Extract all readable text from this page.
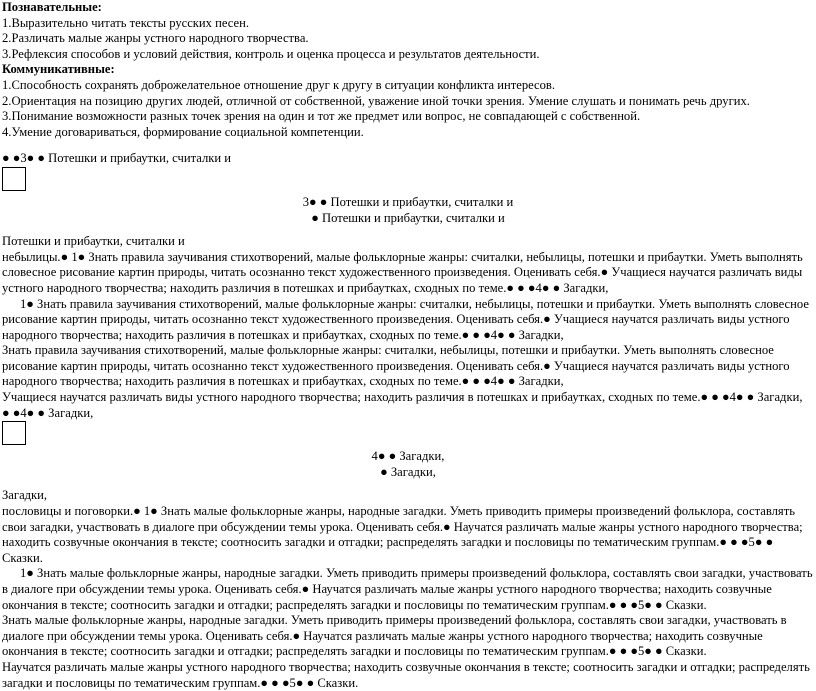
Познавательные:

1.Выразительно читать тексты русских песен.

2.Различать малые жанры устного народного творчества.

3.Рефлексия способов и условий действия, контроль и оценка процесса и результатов деятельности.

Коммуникативные:

1.Способность сохранять доброжелательное отношение друг к другу в ситуации конфликта интересов.

2.Ориентация на позицию других людей, отличной от собственной, уважение иной точки зрения. Умение слушать и понимать речь других.

3.Понимание возможности разных точек зрения на один и тот же предмет или вопрос, не совпадающей с собственной.

4.Умение договариваться, формирование социальной компетенции.

● ●3● ● Потешки и прибаутки, считалки и

3● ● Потешки и прибаутки, считалки и

● Потешки и прибаутки, считалки и

Потешки и прибаутки, считалки и

небылицы.● 1● Знать правила заучивания стихотворений, малые фольклорные жанры: считалки, небылицы, потешки и прибаутки. Уметь выполнять словесное рисование картин природы, читать осознанно текст художественного произведения. Оценивать себя.● Учащиеся научатся различать виды устного народного творчества; находить различия в потешках и прибаутках, сходных по теме.● ● ●4● ● Загадки,

1● Знать правила заучивания стихотворений, малые фольклорные жанры: считалки, небылицы, потешки и прибаутки. Уметь выполнять словесное рисование картин природы, читать осознанно текст художественного произведения. Оценивать себя.● Учащиеся научатся различать виды устного народного творчества; находить различия в потешках и прибаутках, сходных по теме.● ● ●4● ● Загадки,

Знать правила заучивания стихотворений, малые фольклорные жанры: считалки, небылицы, потешки и прибаутки. Уметь выполнять словесное рисование картин природы, читать осознанно текст художественного произведения. Оценивать себя.● Учащиеся научатся различать виды устного народного творчества; находить различия в потешках и прибаутках, сходных по теме.● ● ●4● ● Загадки,

Учащиеся научатся различать виды устного народного творчества; находить различия в потешках и прибаутках, сходных по теме.● ● ●4● ● Загадки,

● ●4● ● Загадки,

4● ● Загадки,

● Загадки,

Загадки,

пословицы и поговорки.● 1● Знать малые фольклорные жанры, народные загадки. Уметь приводить примеры произведений фольклора, составлять свои загадки, участвовать в диалоге при обсуждении темы урока. Оценивать себя.● Научатся различать малые жанры устного народного творчества; находить созвучные окончания в тексте; соотносить загадки и отгадки; распределять загадки и пословицы по тематическим группам.● ● ●5● ● Сказки.

1● Знать малые фольклорные жанры, народные загадки. Уметь приводить примеры произведений фольклора, составлять свои загадки, участвовать в диалоге при обсуждении темы урока. Оценивать себя.● Научатся различать малые жанры устного народного творчества; находить созвучные окончания в тексте; соотносить загадки и отгадки; распределять загадки и пословицы по тематическим группам.● ● ●5● ● Сказки.

Знать малые фольклорные жанры, народные загадки. Уметь приводить примеры произведений фольклора, составлять свои загадки, участвовать в диалоге при обсуждении темы урока. Оценивать себя.● Научатся различать малые жанры устного народного творчества; находить созвучные окончания в тексте; соотносить загадки и отгадки; распределять загадки и пословицы по тематическим группам.● ● ●5● ● Сказки.

Научатся различать малые жанры устного народного творчества; находить созвучные окончания в тексте; соотносить загадки и отгадки; распределять загадки и пословицы по тематическим группам.● ● ●5● ● Сказки.
